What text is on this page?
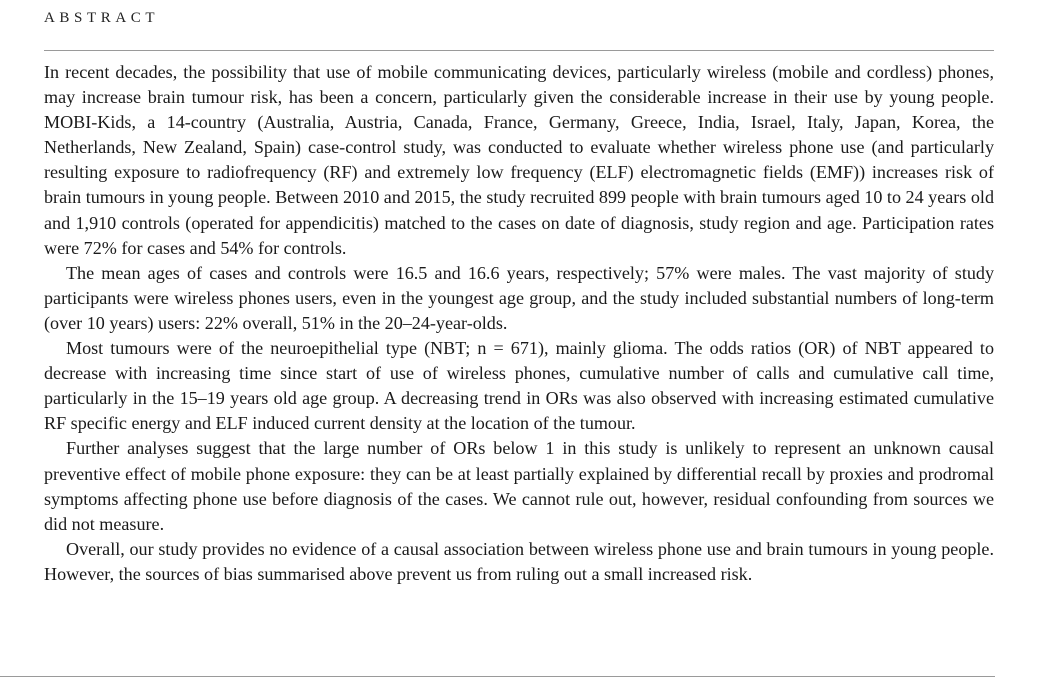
ABSTRACT

In recent decades, the possibility that use of mobile communicating devices, particularly wireless (mobile and cordless) phones, may increase brain tumour risk, has been a concern, particularly given the considerable increase in their use by young people. MOBI-Kids, a 14-country (Australia, Austria, Canada, France, Germany, Greece, India, Israel, Italy, Japan, Korea, the Netherlands, New Zealand, Spain) case-control study, was conducted to evaluate whether wireless phone use (and particularly resulting exposure to radiofrequency (RF) and extremely low frequency (ELF) electromagnetic fields (EMF)) increases risk of brain tumours in young people. Between 2010 and 2015, the study recruited 899 people with brain tumours aged 10 to 24 years old and 1,910 controls (operated for appendicitis) matched to the cases on date of diagnosis, study region and age. Participation rates were 72% for cases and 54% for controls.

The mean ages of cases and controls were 16.5 and 16.6 years, respectively; 57% were males. The vast majority of study participants were wireless phones users, even in the youngest age group, and the study included substantial numbers of long-term (over 10 years) users: 22% overall, 51% in the 20–24-year-olds.

Most tumours were of the neuroepithelial type (NBT; n = 671), mainly glioma. The odds ratios (OR) of NBT appeared to decrease with increasing time since start of use of wireless phones, cumulative number of calls and cumulative call time, particularly in the 15–19 years old age group. A decreasing trend in ORs was also observed with increasing estimated cumulative RF specific energy and ELF induced current density at the location of the tumour.

Further analyses suggest that the large number of ORs below 1 in this study is unlikely to represent an unknown causal preventive effect of mobile phone exposure: they can be at least partially explained by differential recall by proxies and prodromal symptoms affecting phone use before diagnosis of the cases. We cannot rule out, however, residual confounding from sources we did not measure.

Overall, our study provides no evidence of a causal association between wireless phone use and brain tumours in young people. However, the sources of bias summarised above prevent us from ruling out a small increased risk.
